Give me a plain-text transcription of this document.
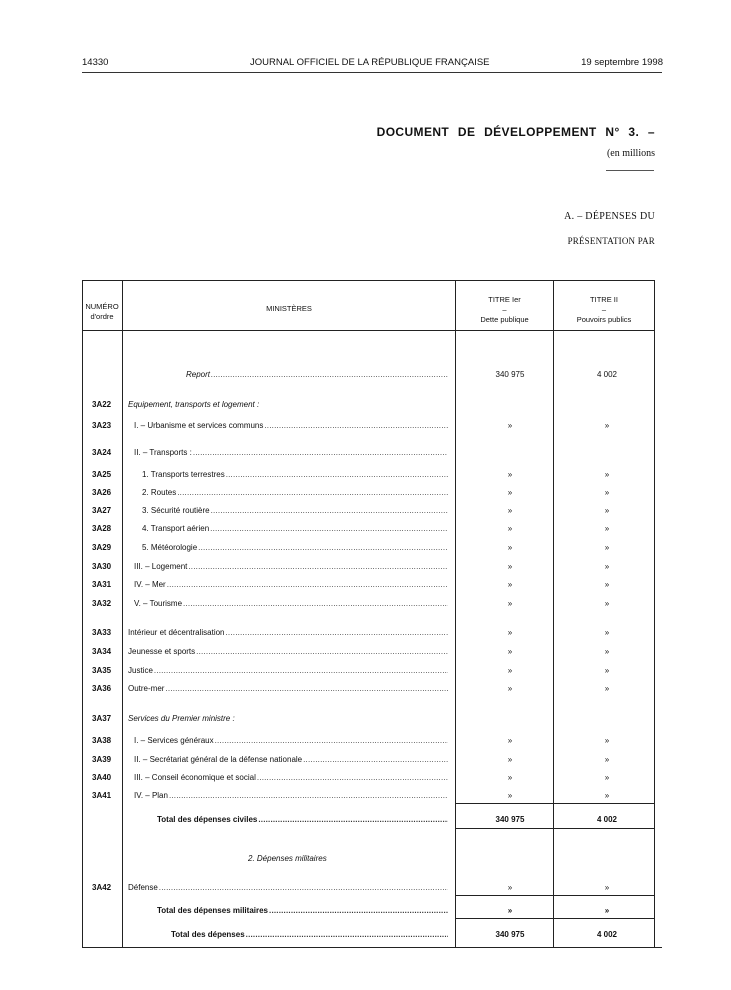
14330	JOURNAL OFFICIEL DE LA RÉPUBLIQUE FRANÇAISE	19 septembre 1998
DOCUMENT DE DÉVELOPPEMENT N° 3. –
(en millions
A. – DÉPENSES DU
PRÉSENTATION PAR
NUMÉRO
d'ordre
MINISTÈRES
TITRE Ier
–
Dette publique
TITRE II
–
Pouvoirs publics
Report .....	340 975	4 002
3A22 Equipement, transports et logement :
3A23	I. – Urbanisme et services communs .....	»	»
3A24	II. – Transports : .....
3A25	1. Transports terrestres .....	»	»
3A26	2. Routes .....	»	»
3A27	3. Sécurité routière .....	»	»
3A28	4. Transport aérien .....	»	»
3A29	5. Météorologie .....	»	»
3A30	III. – Logement .....	»	»
3A31	IV. – Mer .....	»	»
3A32	V. – Tourisme .....	»	»
3A33 Intérieur et décentralisation .....	»	»
3A34 Jeunesse et sports .....	»	»
3A35 Justice .....	»	»
3A36 Outre-mer .....	»	»
3A37 Services du Premier ministre :
3A38	I. – Services généraux .....	»	»
3A39	II. – Secrétariat général de la défense nationale .....	»	»
3A40	III. – Conseil économique et social .....	»	»
3A41	IV. – Plan .....	»	»
Total des dépenses civiles .....	340 975	4 002
2. Dépenses militaires
3A42 Défense .....	»	»
Total des dépenses militaires .....	»	»
Total des dépenses .....	340 975	4 002
